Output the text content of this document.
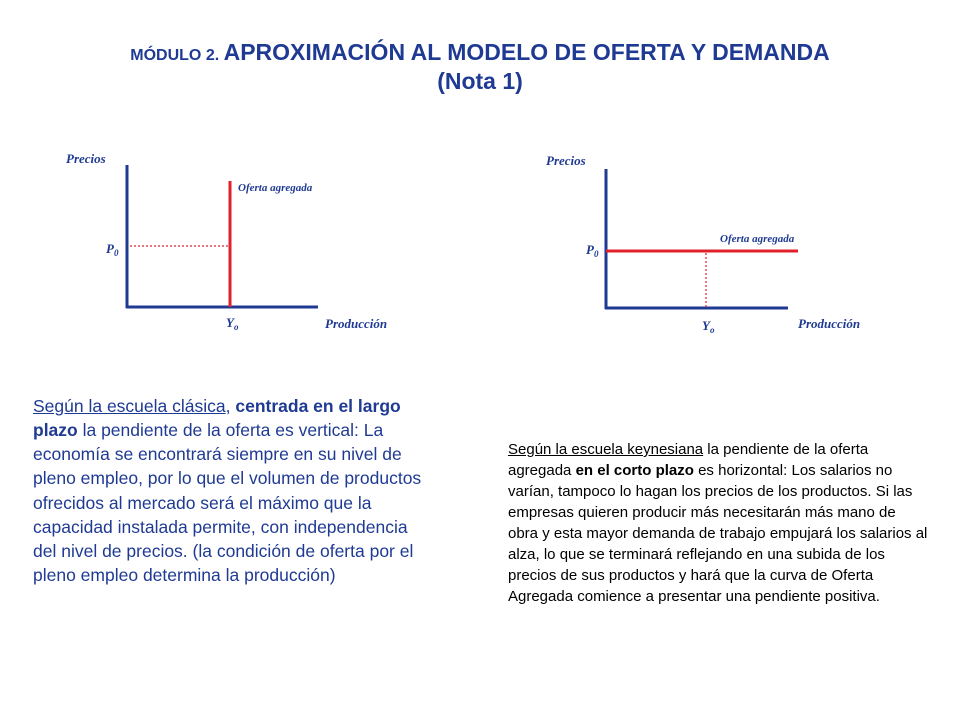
MÓDULO 2. APROXIMACIÓN AL MODELO DE OFERTA Y DEMANDA
(Nota 1)
Precios
$P_0$
Oferta agregada
$Y_o$	Producción
Precios
$P_0$
Oferta agregada
$Y_o$	Producción
Según la escuela clásica, centrada en el largo plazo la pendiente de la oferta es vertical: La economía se encontrará siempre en su nivel de pleno empleo, por lo que el volumen de productos ofrecidos al mercado será el máximo que la capacidad instalada permite, con independencia del nivel de precios. (la condición de oferta por el pleno empleo determina la producción)
Según la escuela keynesiana la pendiente de la oferta agregada en el corto plazo es horizontal: Los salarios no varían, tampoco lo hagan los precios de los productos. Si las empresas quieren producir más necesitarán más mano de obra y esta mayor demanda de trabajo empujará los salarios al alza, lo que se terminará reflejando en una subida de los precios de sus productos y hará que la curva de Oferta Agregada comience a presentar una pendiente positiva.
